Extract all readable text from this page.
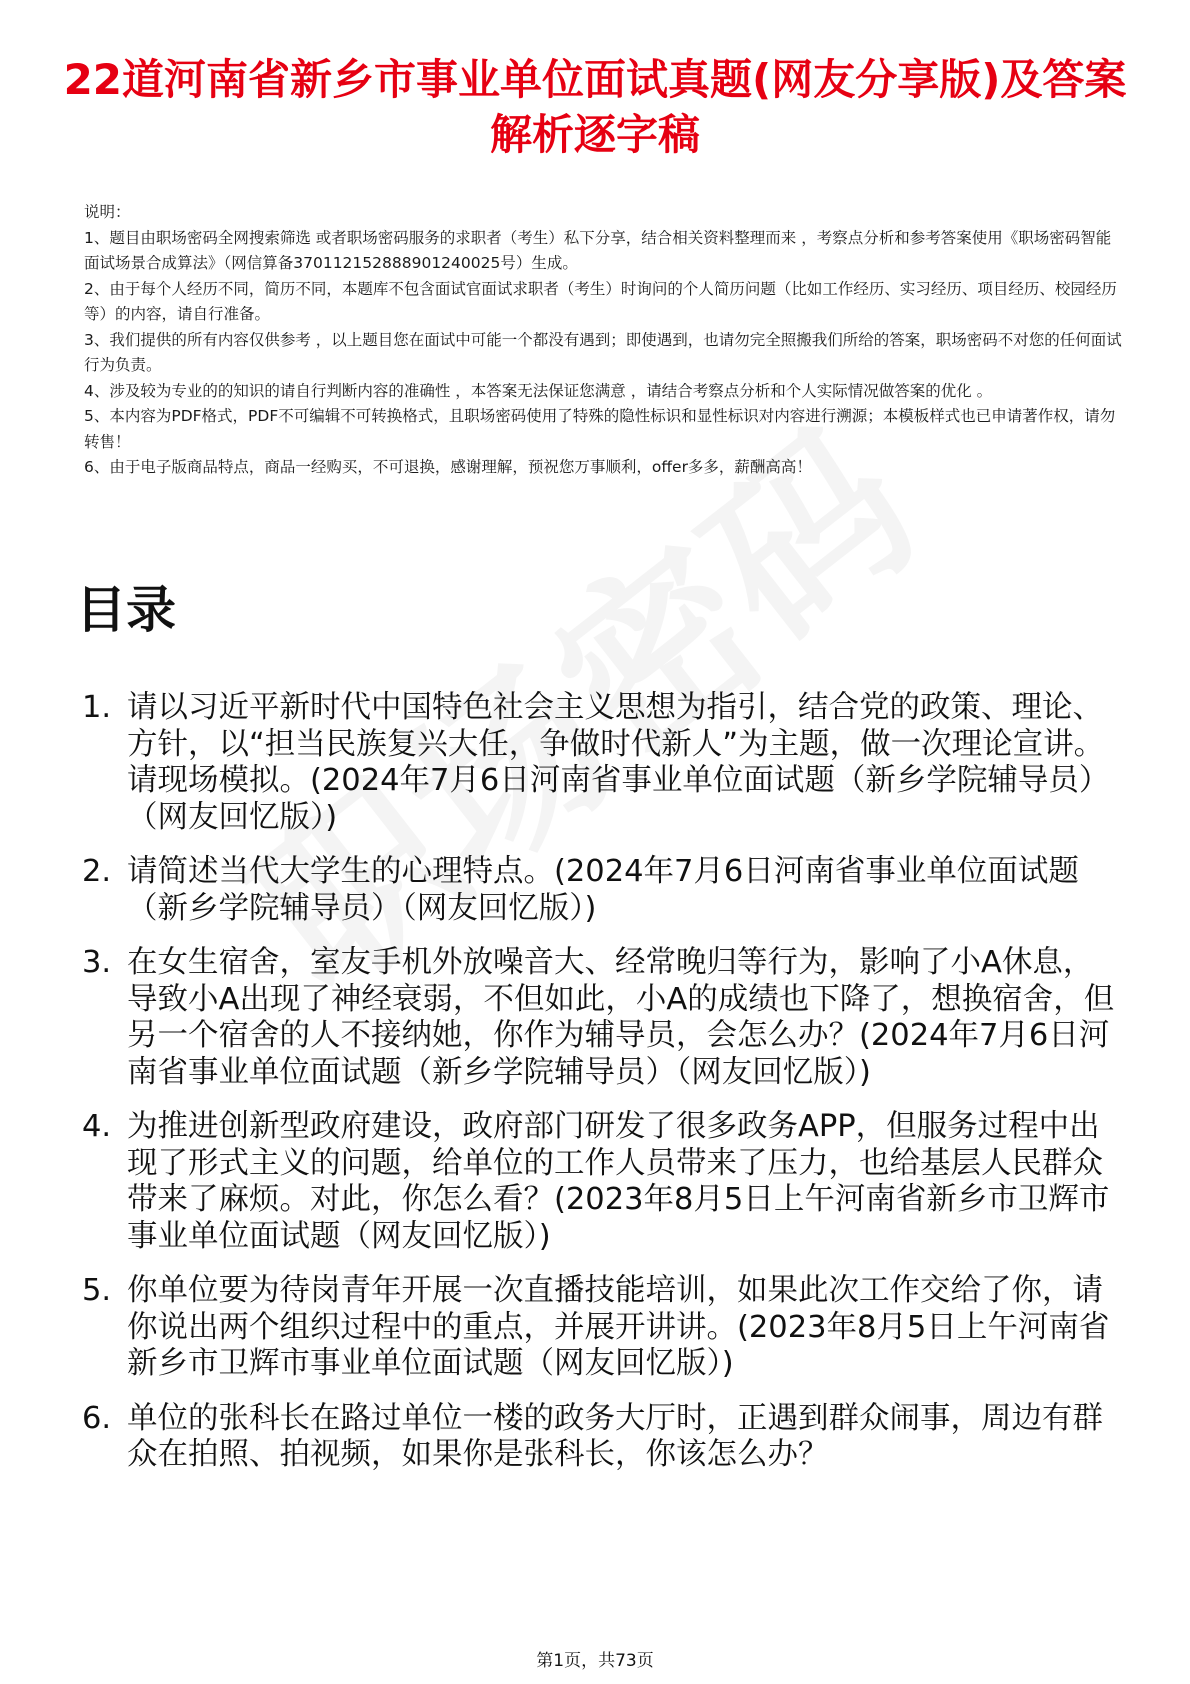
22道河南省新乡市事业单位面试真题(网友分享版)及答案解析逐字稿

说明：

1、题目由职场密码全网搜索筛选 或者职场密码服务的求职者（考生）私下分享，结合相关资料整理而来 ，考察点分析和参考答案使用《职场密码智能面试场景合成算法》（网信算备370112152888901240025号）生成。

2、由于每个人经历不同，简历不同，本题库不包含面试官面试求职者（考生）时询问的个人简历问题（比如工作经历、实习经历、项目经历、校园经历等）的内容，请自行准备。

3、我们提供的所有内容仅供参考 ，以上题目您在面试中可能一个都没有遇到；即使遇到，也请勿完全照搬我们所给的答案，职场密码不对您的任何面试行为负责。

4、涉及较为专业的的知识的请自行判断内容的准确性 ，本答案无法保证您满意 ，请结合考察点分析和个人实际情况做答案的优化 。

5、本内容为PDF格式，PDF不可编辑不可转换格式，且职场密码使用了特殊的隐性标识和显性标识对内容进行溯源；本模板样式也已申请著作权，请勿转售！

6、由于电子版商品特点，商品一经购买，不可退换，感谢理解，预祝您万事顺利，offer多多，薪酬高高！

目录
1. 请以习近平新时代中国特色社会主义思想为指引，结合党的政策、理论、方针，以“担当民族复兴大任，争做时代新人”为主题，做一次理论宣讲。请现场模拟。(2024年7月6日河南省事业单位面试题（新乡学院辅导员）（网友回忆版）)
2. 请简述当代大学生的心理特点。(2024年7月6日河南省事业单位面试题（新乡学院辅导员）（网友回忆版）)
3. 在女生宿舍，室友手机外放噪音大、经常晚归等行为，影响了小A休息，导致小A出现了神经衰弱，不但如此，小A的成绩也下降了，想换宿舍，但另一个宿舍的人不接纳她，你作为辅导员，会怎么办？(2024年7月6日河南省事业单位面试题（新乡学院辅导员）（网友回忆版）)
4. 为推进创新型政府建设，政府部门研发了很多政务APP，但服务过程中出现了形式主义的问题，给单位的工作人员带来了压力，也给基层人民群众带来了麻烦。对此，你怎么看？(2023年8月5日上午河南省新乡市卫辉市事业单位面试题（网友回忆版）)
5. 你单位要为待岗青年开展一次直播技能培训，如果此次工作交给了你，请你说出两个组织过程中的重点，并展开讲讲。(2023年8月5日上午河南省新乡市卫辉市事业单位面试题（网友回忆版）)
6. 单位的张科长在路过单位一楼的政务大厅时，正遇到群众闹事，周边有群众在拍照、拍视频，如果你是张科长，你该怎么办？
第1页，共73页
